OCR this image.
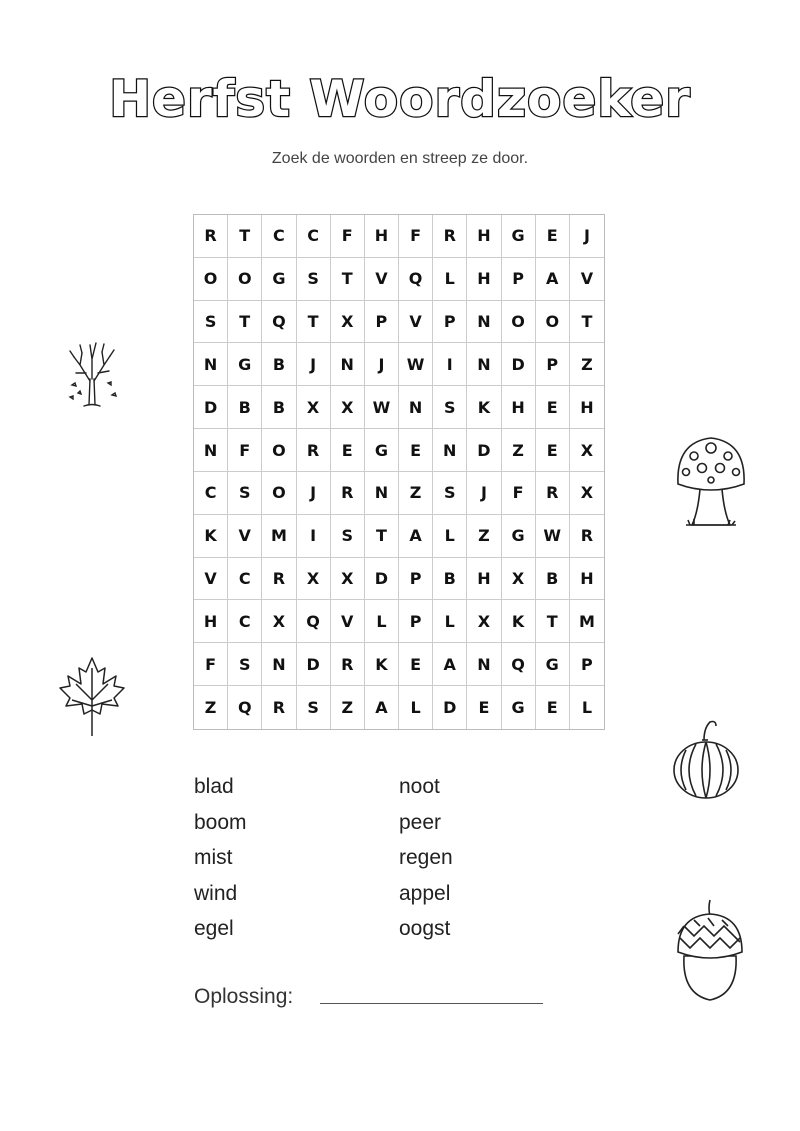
Herfst Woordzoeker
Zoek de woorden en streep ze door.
R	T	C	C	F	H	F	R	H	G	E	J
O	O	G	S	T	V	Q	L	H	P	A	V
S	T	Q	T	X	P	V	P	N	O	O	T
N	G	B	J	N	J	W	I	N	D	P	Z
D	B	B	X	X	W	N	S	K	H	E	H
N	F	O	R	E	G	E	N	D	Z	E	X
C	S	O	J	R	N	Z	S	J	F	R	X
K	V	M	I	S	T	A	L	Z	G	W	R
V	C	R	X	X	D	P	B	H	X	B	H
H	C	X	Q	V	L	P	L	X	K	T	M
F	S	N	D	R	K	E	A	N	Q	G	P
Z	Q	R	S	Z	A	L	D	E	G	E	L
blad
boom
mist
wind
egel
noot
peer
regen
appel
oogst
Oplossing:
